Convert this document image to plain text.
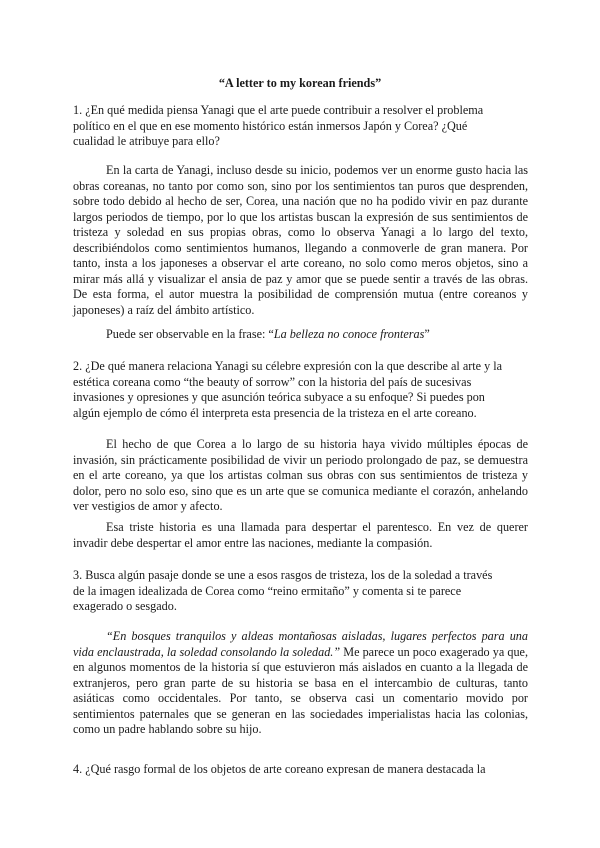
“A letter to my korean friends”
1. ¿En qué medida piensa Yanagi que el arte puede contribuir a resolver el problema
político en el que en ese momento histórico están inmersos Japón y Corea? ¿Qué
cualidad le atribuye para ello?

En la carta de Yanagi, incluso desde su inicio, podemos ver un enorme gusto hacia las obras coreanas, no tanto por como son, sino por los sentimientos tan puros que desprenden, sobre todo debido al hecho de ser, Corea, una nación que no ha podido vivir en paz durante largos periodos de tiempo, por lo que los artistas buscan la expresión de sus sentimientos de tristeza y soledad en sus propias obras, como lo observa Yanagi a lo largo del texto, describiéndolos como sentimientos humanos, llegando a conmoverle de gran manera. Por tanto, insta a los japoneses a observar el arte coreano, no solo como meros objetos, sino a mirar más allá y visualizar el ansia de paz y amor que se puede sentir a través de las obras. De esta forma, el autor muestra la posibilidad de comprensión mutua (entre coreanos y japoneses) a raíz del ámbito artístico.

Puede ser observable en la frase: “La belleza no conoce fronteras”
2. ¿De qué manera relaciona Yanagi su célebre expresión con la que describe al arte y la
estética coreana como “the beauty of sorrow” con la historia del país de sucesivas
invasiones y opresiones y que asunción teórica subyace a su enfoque? Si puedes pon
algún ejemplo de cómo él interpreta esta presencia de la tristeza en el arte coreano.

El hecho de que Corea a lo largo de su historia haya vivido múltiples épocas de invasión, sin prácticamente posibilidad de vivir un periodo prolongado de paz, se demuestra en el arte coreano, ya que los artistas colman sus obras con sus sentimientos de tristeza y dolor, pero no solo eso, sino que es un arte que se comunica mediante el corazón, anhelando ver vestigios de amor y afecto.

Esa triste historia es una llamada para despertar el parentesco. En vez de querer invadir debe despertar el amor entre las naciones, mediante la compasión.

3. Busca algún pasaje donde se une a esos rasgos de tristeza, los de la soledad a través
de la imagen idealizada de Corea como “reino ermitaño” y comenta si te parece
exagerado o sesgado.

“En bosques tranquilos y aldeas montañosas aisladas, lugares perfectos para una vida enclaustrada, la soledad consolando la soledad.” Me parece un poco exagerado ya que, en algunos momentos de la historia sí que estuvieron más aislados en cuanto a la llegada de extranjeros, pero gran parte de su historia se basa en el intercambio de culturas, tanto asiáticas como occidentales. Por tanto, se observa casi un comentario movido por sentimientos paternales que se generan en las sociedades imperialistas hacia las colonias, como un padre hablando sobre su hijo.

4. ¿Qué rasgo formal de los objetos de arte coreano expresan de manera destacada la
